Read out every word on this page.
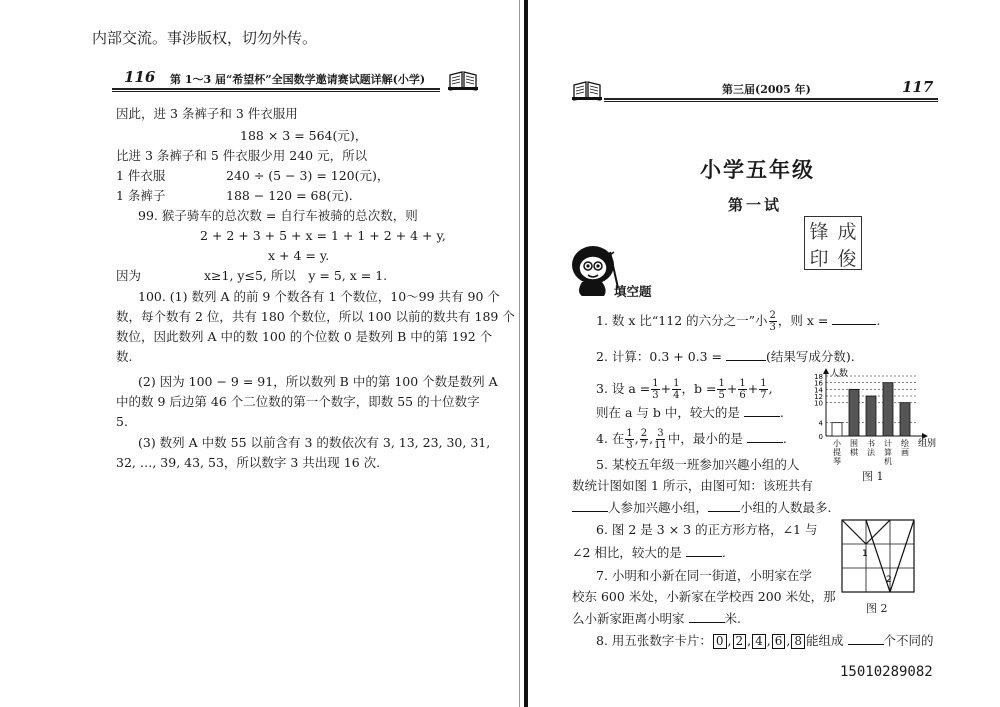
内部交流。事涉版权，切勿外传。
116 第 1～3 届“希望杯”全国数学邀请赛试题详解(小学)
因此，进 3 条裤子和 3 件衣服用
188 × 3 = 564(元)，
比进 3 条裤子和 5 件衣服少用 240 元，所以
1 件衣服	240 ÷ (5 − 3) = 120(元)，
1 条裤子	188 − 120 = 68(元).
99. 猴子骑车的总次数 = 自行车被骑的总次数，则
2 + 2 + 3 + 5 + x = 1 + 1 + 2 + 4 + y,
x + 4 = y.
因为	x≥1, y≤5, 所以　y = 5, x = 1.
100. (1) 数列 A 的前 9 个数各有 1 个数位，10～99 共有 90 个
数，每个数有 2 位，共有 180 个数位，所以 100 以前的数共有 189 个
数位，因此数列 A 中的数 100 的个位数 0 是数列 B 中的第 192 个
数.
(2) 因为 100 − 9 = 91，所以数列 B 中的第 100 个数是数列 A
中的数 9 后边第 46 个二位数的第一个数字，即数 55 的十位数字
5.
(3) 数列 A 中数 55 以前含有 3 的数依次有 3, 13, 23, 30, 31,
32, …, 39, 43, 53，所以数字 3 共出现 16 次.
第三届(2005 年)	117
小学五年级
第一试
锋 成
印 俊
填空题
1. 数 x 比“112 的六分之一”小 $\frac{2}{3}$ ，则 x =	.
2. 计算：0.3 + 0.3 =	(结果写成分数).
3. 设 $a = \frac{1}{3} + \frac{1}{4}$ ，$b = \frac{1}{5} + \frac{1}{6} + \frac{1}{7}$ ,
则在 a 与 b 中，较大的是	.
4. 在 $\frac{1}{3}$ , $\frac{2}{7}$ , $\frac{3}{11}$ 中，最小的是	.
5. 某校五年级一班参加兴趣小组的人
数统计图如图 1 所示，由图可知：该班共有
人参加兴趣小组，	小组的人数最多.
6. 图 2 是 3 × 3 的正方形方格，∠1 与
∠2 相比，较大的是	.
7. 小明和小新在同一街道，小明家在学
校东 600 米处，小新家在学校西 200 米处，那
么小新家距离小明家	米.
8. 用五张数字卡片： 0 , 2 , 4 , 6 , 8 能组成	个不同的
15010289082
人数
组别
0
4
10
12
14
16
18
小提琴
围棋
书法
计算机
绘画
图 1
1
2
图 2
